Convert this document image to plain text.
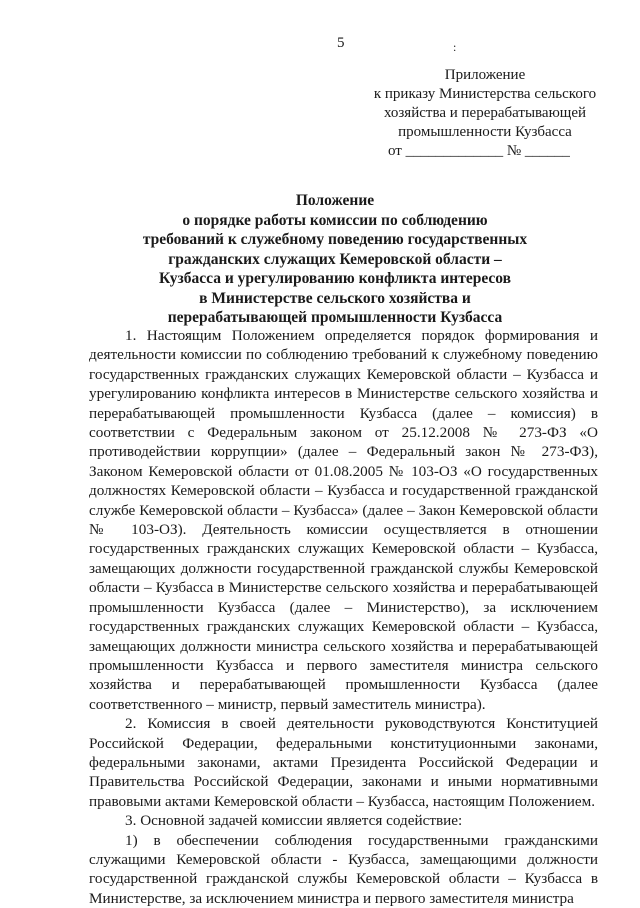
5	:
Приложение
к приказу Министерства сельского
хозяйства и перерабатывающей
промышленности Кузбасса
от _____________ № ______
Положение
о порядке работы комиссии по соблюдению
требований к служебному поведению государственных
гражданских служащих Кемеровской области –
Кузбасса и урегулированию конфликта интересов
в Министерстве сельского хозяйства и
перерабатывающей промышленности Кузбасса

1. Настоящим Положением определяется порядок формирования и деятельности комиссии по соблюдению требований к служебному поведению государственных гражданских служащих Кемеровской области – Кузбасса и урегулированию конфликта интересов в Министерстве сельского хозяйства и перерабатывающей промышленности Кузбасса (далее – комиссия) в соответствии с Федеральным законом от 25.12.2008 № 273-ФЗ «О противодействии коррупции» (далее – Федеральный закон № 273-ФЗ), Законом Кемеровской области от 01.08.2005 № 103-ОЗ «О государственных должностях Кемеровской области – Кузбасса и государственной гражданской службе Кемеровской области – Кузбасса» (далее – Закон Кемеровской области № 103-ОЗ). Деятельность комиссии осуществляется в отношении государственных гражданских служащих Кемеровской области – Кузбасса, замещающих должности государственной гражданской службы Кемеровской области – Кузбасса в Министерстве сельского хозяйства и перерабатывающей промышленности Кузбасса (далее – Министерство), за исключением государственных гражданских служащих Кемеровской области – Кузбасса, замещающих должности министра сельского хозяйства и перерабатывающей промышленности Кузбасса и первого заместителя министра сельского хозяйства и перерабатывающей промышленности Кузбасса (далее соответственного – министр, первый заместитель министра).

2. Комиссия в своей деятельности руководствуются Конституцией Российской Федерации, федеральными конституционными законами, федеральными законами, актами Президента Российской Федерации и Правительства Российской Федерации, законами и иными нормативными правовыми актами Кемеровской области – Кузбасса, настоящим Положением.

3. Основной задачей комиссии является содействие:

1) в обеспечении соблюдения государственными гражданскими служащими Кемеровской области - Кузбасса, замещающими должности государственной гражданской службы Кемеровской области – Кузбасса в Министерстве, за исключением министра и первого заместителя министра
